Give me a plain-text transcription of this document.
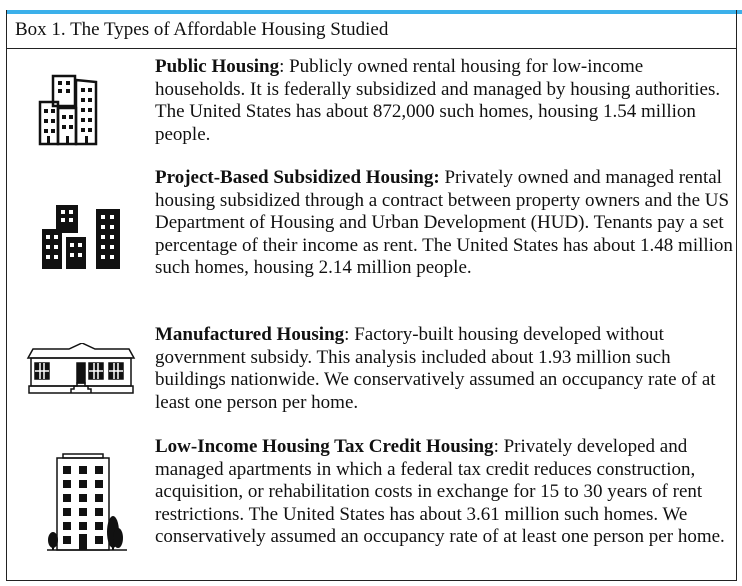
Box 1. The Types of Affordable Housing Studied
Public Housing: Publicly owned rental housing for low-income households. It is federally subsidized and managed by housing authorities. The United States has about 872,000 such homes, housing 1.54 million people.
Project-Based Subsidized Housing: Privately owned and managed rental housing subsidized through a contract between property owners and the US Department of Housing and Urban Development (HUD). Tenants pay a set percentage of their income as rent. The United States has about 1.48 million such homes, housing 2.14 million people.
Manufactured Housing: Factory-built housing developed without government subsidy. This analysis included about 1.93 million such buildings nationwide. We conservatively assumed an occupancy rate of at least one person per home.
Low-Income Housing Tax Credit Housing: Privately developed and managed apartments in which a federal tax credit reduces construction, acquisition, or rehabilitation costs in exchange for 15 to 30 years of rent restrictions. The United States has about 3.61 million such homes. We conservatively assumed an occupancy rate of at least one person per home.
